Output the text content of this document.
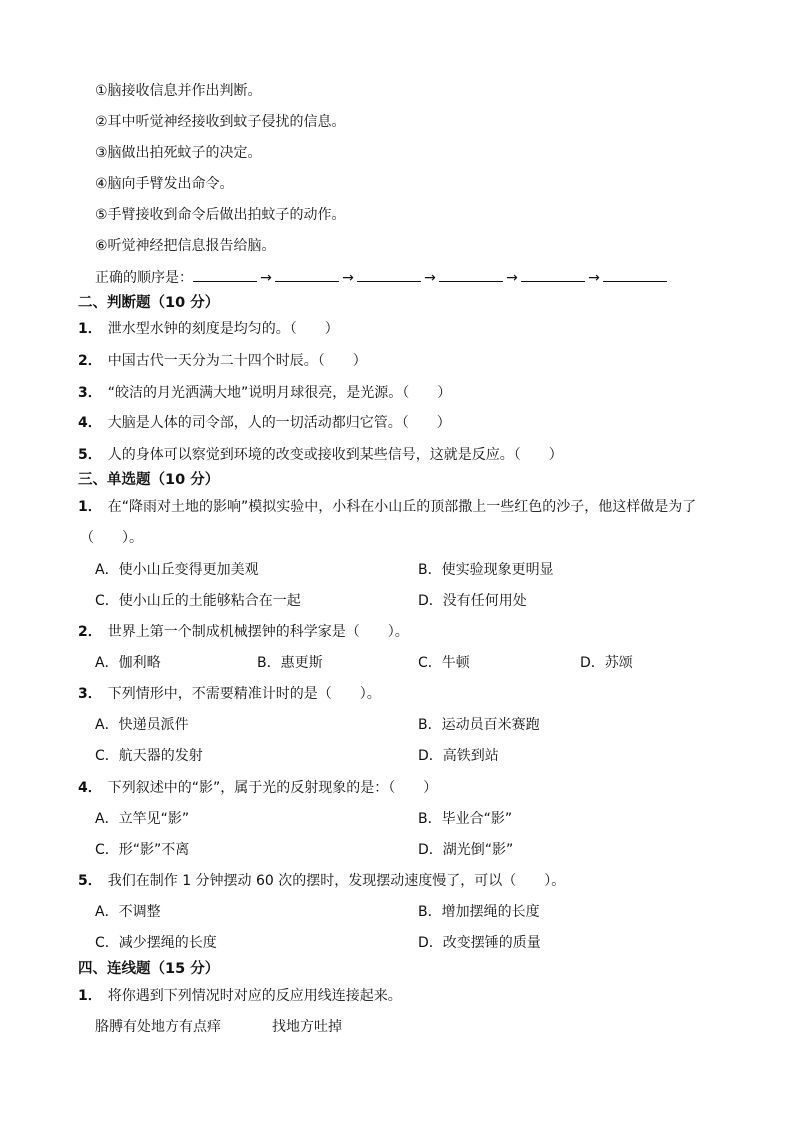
①脑接收信息并作出判断。
②耳中听觉神经接收到蚊子侵扰的信息。
③脑做出拍死蚊子的决定。
④脑向手臂发出命令。
⑤手臂接收到命令后做出拍蚊子的动作。
⑥听觉神经把信息报告给脑。
正确的顺序是：	→	→	→	→	→
二、判断题（10 分）
1． 泄水型水钟的刻度是均匀的。（　　）
2． 中国古代一天分为二十四个时辰。（　　）
3． “皎洁的月光洒满大地”说明月球很亮，是光源。（　　）
4． 大脑是人体的司令部，人的一切活动都归它管。（　　）
5． 人的身体可以察觉到环境的改变或接收到某些信号，这就是反应。（　　）
三、单选题（10 分）
1． 在“降雨对土地的影响”模拟实验中，小科在小山丘的顶部撒上一些红色的沙子，他这样做是为了
（　　）。
A．使小山丘变得更加美观	B．使实验现象更明显
C．使小山丘的土能够粘合在一起	D．没有任何用处
2． 世界上第一个制成机械摆钟的科学家是（　　）。
A．伽利略	B．惠更斯	C．牛顿	D．苏颂
3． 下列情形中，不需要精准计时的是（　　）。
A．快递员派件	B．运动员百米赛跑
C．航天器的发射	D．高铁到站
4． 下列叙述中的“影”，属于光的反射现象的是：（　　）
A．立竿见“影”	B．毕业合“影”
C．形“影”不离	D．湖光倒“影”
5． 我们在制作 1 分钟摆动 60 次的摆时，发现摆动速度慢了，可以（　　）。
A．不调整	B．增加摆绳的长度
C．减少摆绳的长度	D．改变摆锤的质量
四、连线题（15 分）
1． 将你遇到下列情况时对应的反应用线连接起来。
胳膊有处地方有点痒	找地方吐掉
